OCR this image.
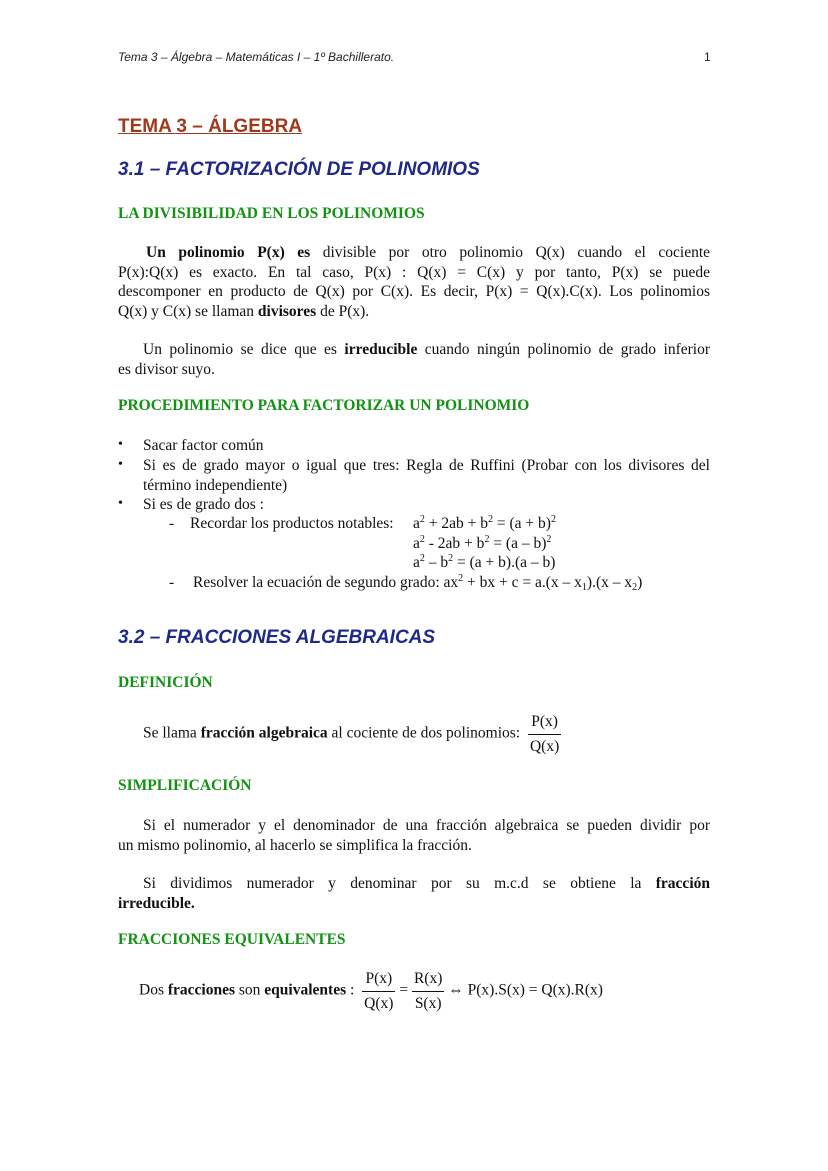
Tema 3 – Álgebra – Matemáticas I – 1º Bachillerato.	1
TEMA 3 – ÁLGEBRA
3.1 – FACTORIZACIÓN DE POLINOMIOS
LA DIVISIBILIDAD EN LOS POLINOMIOS
Un polinomio P(x) es divisible por otro polinomio Q(x) cuando el cociente
P(x):Q(x) es exacto. En tal caso, P(x) : Q(x) = C(x) y por tanto, P(x) se puede
descomponer en producto de Q(x) por C(x). Es decir, P(x) = Q(x).C(x). Los polinomios
Q(x) y C(x) se llaman divisores de P(x).
Un polinomio se dice que es irreducible cuando ningún polinomio de grado inferior
es divisor suyo.
PROCEDIMIENTO PARA FACTORIZAR UN POLINOMIO
• Sacar factor común
• Si es de grado mayor o igual que tres: Regla de Ruffini (Probar con los divisores del
término independiente)
• Si es de grado dos :
- Recordar los productos notables: $a^2 + 2ab + b^2 = (a + b)^2$
$a^2 - 2ab + b^2 = (a - b)^2$
$a^2 - b^2 = (a + b).(a - b)$
- Resolver la ecuación de segundo grado: $ax^2$ + bx + $c = a.(x - x_1).(x - x_2)$
3.2 – FRACCIONES ALGEBRAICAS
DEFINICIÓN
Se llama fracción algebraica al cociente de dos polinomios: $\frac{P(x)}{Q(x)}$
SIMPLIFICACIÓN
Si el numerador y el denominador de una fracción algebraica se pueden dividir por
un mismo polinomio, al hacerlo se simplifica la fracción.
Si dividimos numerador y denominar por su m.c.d se obtiene la fracción
irreducible.
FRACCIONES EQUIVALENTES
Dos fracciones son equivalentes : $\frac{P(x)}{Q(x)} = \frac{R(x)}{S(x)}$ ⇔ P(x).S(x) = Q(x).R(x)
